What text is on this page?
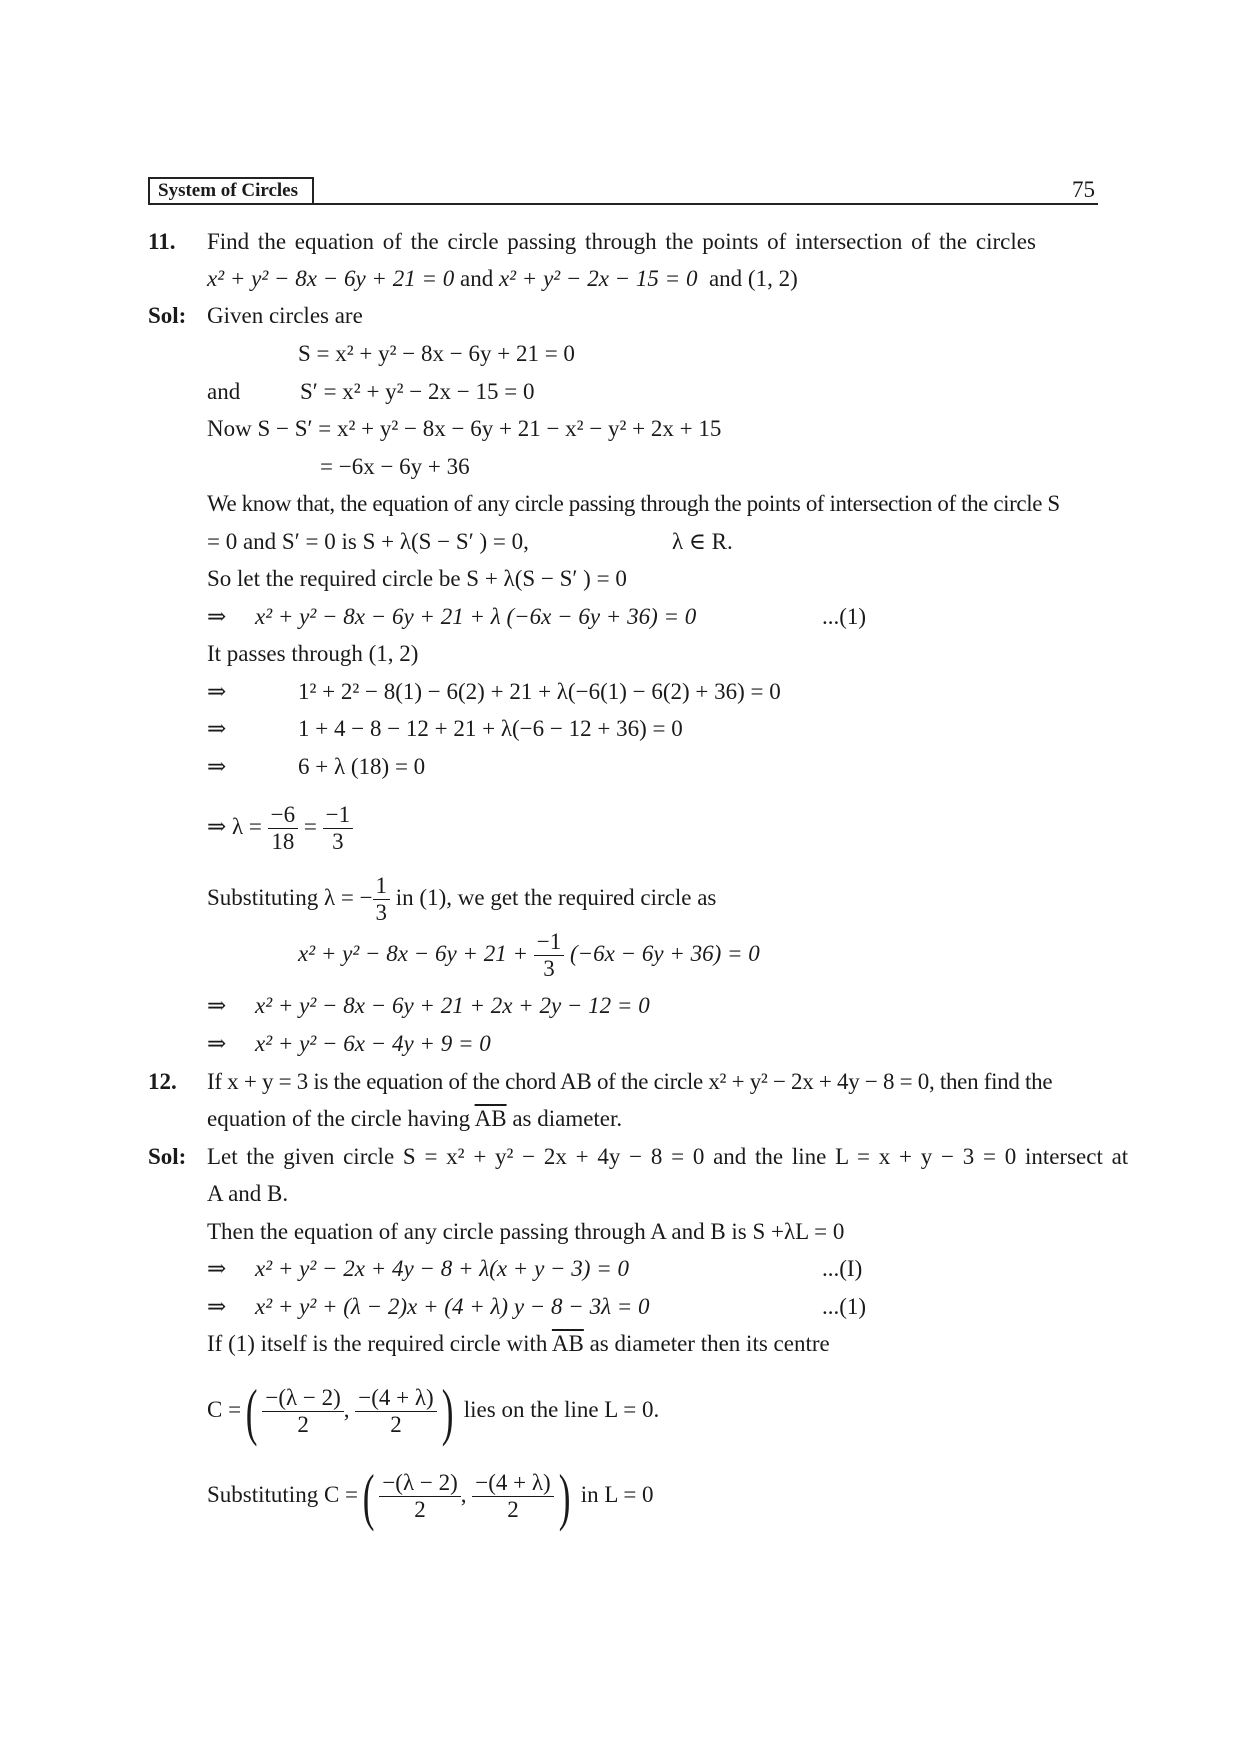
System of Circles	75
11. Find the equation of the circle passing through the points of intersection of the circles
x² + y² − 8x − 6y + 21 = 0 and x² + y² − 2x − 15 = 0 and (1, 2)
Sol: Given circles are
S = x² + y² − 8x − 6y + 21 = 0
and	S′ = x² + y² − 2x − 15 = 0
Now S − S′ = x² + y² − 8x − 6y + 21 − x² − y² + 2x + 15
= −6x − 6y + 36
We know that, the equation of any circle passing through the points of intersection of the circle S
= 0 and S′ = 0 is S + λ(S − S′ ) = 0,	λ ∈ R.
So let the required circle be S + λ(S − S′ ) = 0
⇒ x² + y² − 8x − 6y + 21 + λ (−6x − 6y + 36) = 0	...(1)
It passes through (1, 2)
⇒	1² + 2² − 8(1) − 6(2) + 21 + λ(−6(1) − 6(2) + 36) = 0
⇒	1 + 4 − 8 − 12 + 21 + λ(−6 − 12 + 36) = 0
⇒	6 + λ (18) = 0
⇒ $\lambda = \frac{-6}{18} = \frac{-1}{3}$
Substituting λ = − $\frac{1}{3}$ in (1), we get the required circle as
$x^2 + y^2 - 8x - 6y + 21 + \frac{-1}{3} (-6x - 6y + 36) = 0$
⇒ x² + y² − 8x − 6y + 21 + 2x + 2y − 12 = 0
⇒ x² + y² − 6x − 4y + 9 = 0
12. If x + y = 3 is the equation of the chord AB of the circle x² + y² − 2x + 4y − 8 = 0, then find the
equation of the circle having $\overline{AB}$ as diameter.
Sol: Let the given circle S = x² + y² − 2x + 4y − 8 = 0 and the line L = x + y − 3 = 0 intersect at
A and B.
Then the equation of any circle passing through A and B is S +λL = 0
⇒ x² + y² − 2x + 4y − 8 + λ(x + y − 3) = 0	...(I)
⇒ x² + y² + (λ − 2)x + (4 + λ) y − 8 − 3λ = 0	...(1)
If (1) itself is the required circle with $\overline{AB}$ as diameter then its centre
C =( $\frac{-(\lambda - 2)}{2}$ , $\frac{-(4 + \lambda)}{2}$ ) lies on the line L = 0.
Substituting C =( $\frac{-(\lambda - 2)}{2}$ , $\frac{-(4 + \lambda)}{2}$ ) in L = 0
